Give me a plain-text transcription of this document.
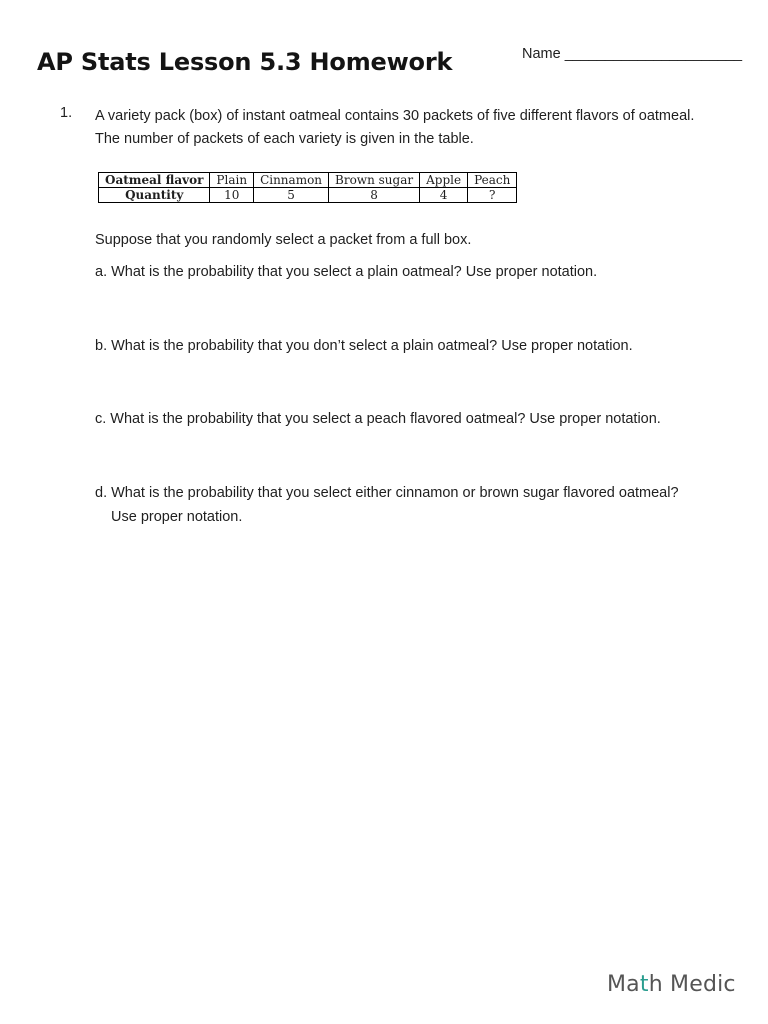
AP Stats Lesson 5.3 Homework	Name ______________________
1. A variety pack (box) of instant oatmeal contains 30 packets of five different flavors of oatmeal.

The number of packets of each variety is given in the table.

Oatmeal flavor	Plain	Cinnamon	Brown sugar	Apple	Peach
Quantity	10	5	8	4	?
Suppose that you randomly select a packet from a full box.

a. What is the probability that you select a plain oatmeal? Use proper notation.

b. What is the probability that you don’t select a plain oatmeal? Use proper notation.

c. What is the probability that you select a peach flavored oatmeal? Use proper notation.

d. What is the probability that you select either cinnamon or brown sugar flavored oatmeal?

Use proper notation.

Math Medic
